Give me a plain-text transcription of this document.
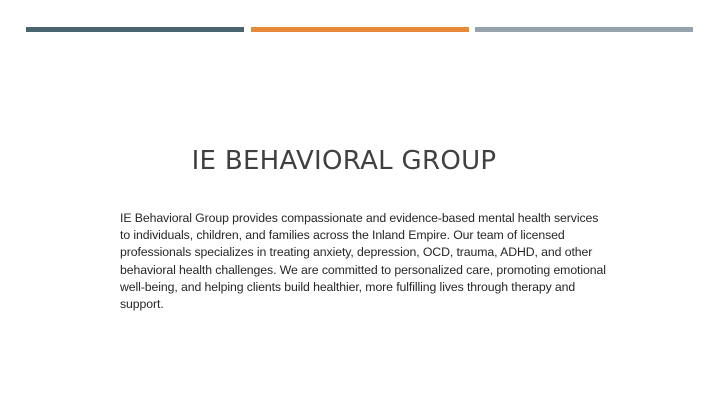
IE BEHAVIORAL GROUP
IE Behavioral Group provides compassionate and evidence-based mental health services to individuals, children, and families across the Inland Empire. Our team of licensed professionals specializes in treating anxiety, depression, OCD, trauma, ADHD, and other behavioral health challenges. We are committed to personalized care, promoting emotional well-being, and helping clients build healthier, more fulfilling lives through therapy and support.
